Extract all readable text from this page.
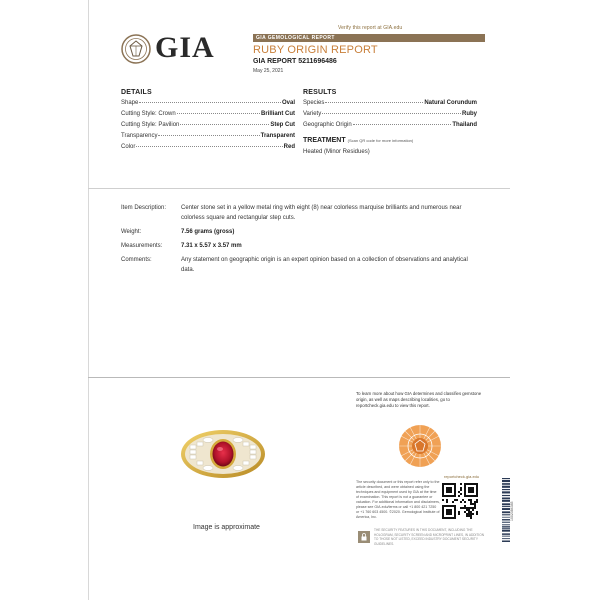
Verify this report at GIA.edu
GIA	GIA GEMOLOGICAL REPORT
RUBY ORIGIN REPORT
GIA REPORT 5211696486
May 25, 2021
DETAILS
Shape	Oval
Cutting Style: Crown	Brilliant Cut
Cutting Style: Pavilion	Step Cut
Transparency	Transparent
Color	Red
RESULTS
Species	Natural Corundum
Variety	Ruby
Geographic Origin	Thailand
TREATMENT (Scan QR code for more information)
Heated (Minor Residues)
Item Description:	Center stone set in a yellow metal ring with eight (8) near colorless marquise brilliants and numerous near colorless square and rectangular step cuts.
Weight:	7.56 grams (gross)
Measurements:	7.31 x 5.57 x 3.57 mm
Comments:	Any statement on geographic origin is an expert opinion based on a collection of observations and analytical data.
Image is approximate
To learn more about how GIA determines and classifies gemstone origin, as well as maps describing localities, go to reportcheck.gia.edu to view this report.
reportcheck.gia.edu
The security document or this report refer only to the article described, and were obtained using the techniques and equipment used by GIA at the time of examination. This report is not a guarantee or valuation. For additional information and disclaimers, please see GIA.edu/terms or call +1 800 421 7250 or +1 760 603 4500. ©2020. Gemological Institute of America, Inc.	1002384383
THE SECURITY FEATURES IN THIS DOCUMENT, INCLUDING THE HOLOGRAM, SECURITY SCREEN AND MICROPRINT LINES, IN ADDITION TO THOSE NOT LISTED, EXCEED INDUSTRY DOCUMENT SECURITY GUIDELINES.
